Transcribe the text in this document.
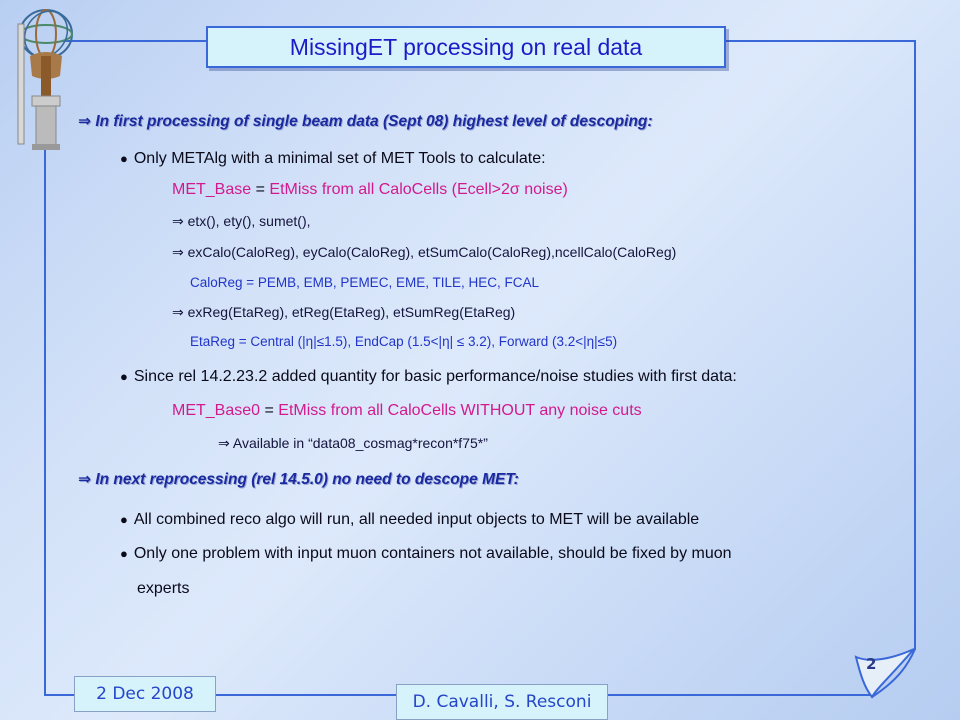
2
MissingET processing on real data
⇒ In first processing of single beam data (Sept 08) highest level of descoping:
● Only METAlg with a minimal set of MET Tools to calculate:
MET_Base = EtMiss from all CaloCells (Ecell>2σ noise)
⇒ etx(), ety(), sumet(),
⇒ exCalo(CaloReg), eyCalo(CaloReg), etSumCalo(CaloReg),ncellCalo(CaloReg)
CaloReg = PEMB, EMB, PEMEC, EME, TILE, HEC, FCAL
⇒ exReg(EtaReg), etReg(EtaReg), etSumReg(EtaReg)
EtaReg = Central (|η|≤1.5), EndCap (1.5<|η| ≤ 3.2), Forward (3.2<|η|≤5)
● Since rel 14.2.23.2 added quantity for basic performance/noise studies with first data:
MET_Base0 = EtMiss from all CaloCells WITHOUT any noise cuts
⇒ Available in “data08_cosmag*recon*f75*”
⇒ In next reprocessing (rel 14.5.0) no need to descope MET:
● All combined reco algo will run, all needed input objects to MET will be available
● Only one problem with input muon containers not available, should be fixed by muon
experts
2 Dec 2008	D. Cavalli, S. Resconi
